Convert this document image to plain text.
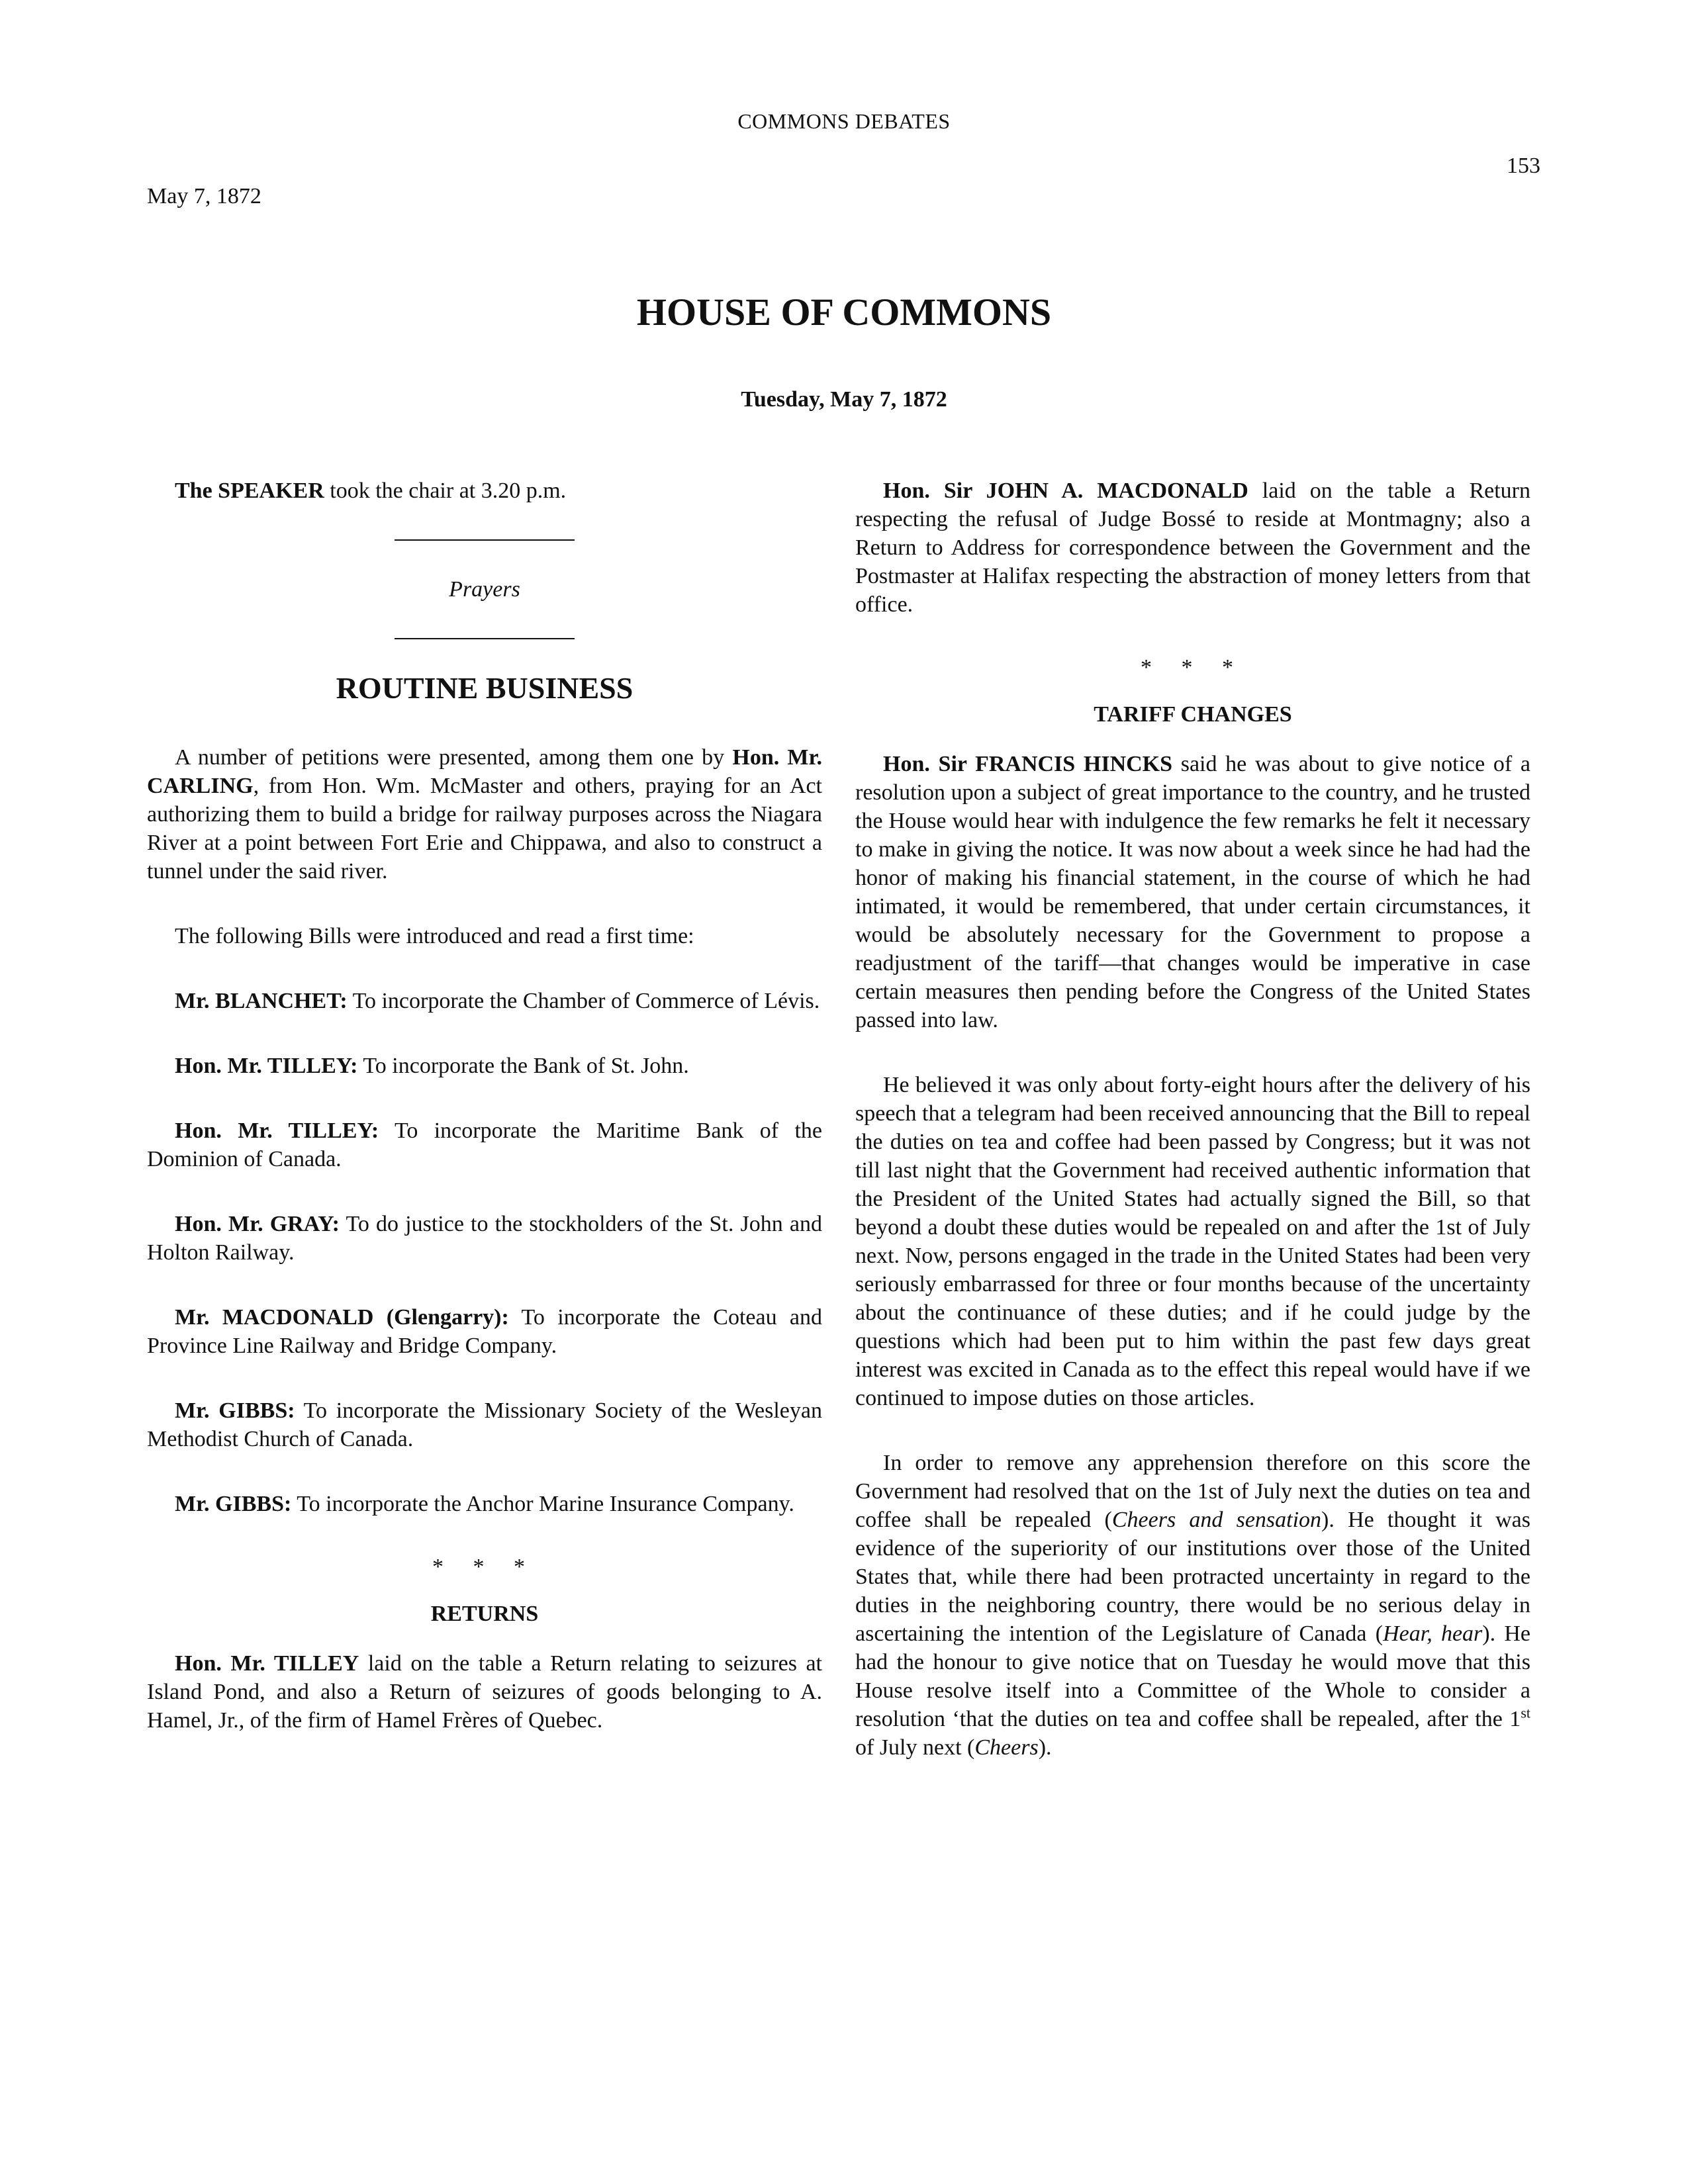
COMMONS DEBATES
153
May 7, 1872
HOUSE OF COMMONS
Tuesday, May 7, 1872

The SPEAKER took the chair at 3.20 p.m.

Prayers
ROUTINE BUSINESS

A number of petitions were presented, among them one by Hon. Mr. CARLING, from Hon. Wm. McMaster and others, praying for an Act authorizing them to build a bridge for railway purposes across the Niagara River at a point between Fort Erie and Chippawa, and also to construct a tunnel under the said river.

The following Bills were introduced and read a first time:

Mr. BLANCHET: To incorporate the Chamber of Commerce of Lévis.

Hon. Mr. TILLEY: To incorporate the Bank of St. John.

Hon. Mr. TILLEY: To incorporate the Maritime Bank of the Dominion of Canada.

Hon. Mr. GRAY: To do justice to the stockholders of the St. John and Holton Railway.

Mr. MACDONALD (Glengarry): To incorporate the Coteau and Province Line Railway and Bridge Company.

Mr. GIBBS: To incorporate the Missionary Society of the Wesleyan Methodist Church of Canada.

Mr. GIBBS: To incorporate the Anchor Marine Insurance Company.

* * *
RETURNS

Hon. Mr. TILLEY laid on the table a Return relating to seizures at Island Pond, and also a Return of seizures of goods belonging to A. Hamel, Jr., of the firm of Hamel Frères of Quebec.

Hon. Sir JOHN A. MACDONALD laid on the table a Return respecting the refusal of Judge Bossé to reside at Montmagny; also a Return to Address for correspondence between the Government and the Postmaster at Halifax respecting the abstraction of money letters from that office.

* * *
TARIFF CHANGES

Hon. Sir FRANCIS HINCKS said he was about to give notice of a resolution upon a subject of great importance to the country, and he trusted the House would hear with indulgence the few remarks he felt it necessary to make in giving the notice. It was now about a week since he had had the honor of making his financial statement, in the course of which he had intimated, it would be remembered, that under certain circumstances, it would be absolutely necessary for the Government to propose a readjustment of the tariff—that changes would be imperative in case certain measures then pending before the Congress of the United States passed into law.

He believed it was only about forty-eight hours after the delivery of his speech that a telegram had been received announcing that the Bill to repeal the duties on tea and coffee had been passed by Congress; but it was not till last night that the Government had received authentic information that the President of the United States had actually signed the Bill, so that beyond a doubt these duties would be repealed on and after the 1st of July next. Now, persons engaged in the trade in the United States had been very seriously embarrassed for three or four months because of the uncertainty about the continuance of these duties; and if he could judge by the questions which had been put to him within the past few days great interest was excited in Canada as to the effect this repeal would have if we continued to impose duties on those articles.

In order to remove any apprehension therefore on this score the Government had resolved that on the 1st of July next the duties on tea and coffee shall be repealed (Cheers and sensation). He thought it was evidence of the superiority of our institutions over those of the United States that, while there had been protracted uncertainty in regard to the duties in the neighboring country, there would be no serious delay in ascertaining the intention of the Legislature of Canada (Hear, hear). He had the honour to give notice that on Tuesday he would move that this House resolve itself into a Committee of the Whole to consider a resolution ‘that the duties on tea and coffee shall be repealed, after the 1st of July next (Cheers).
